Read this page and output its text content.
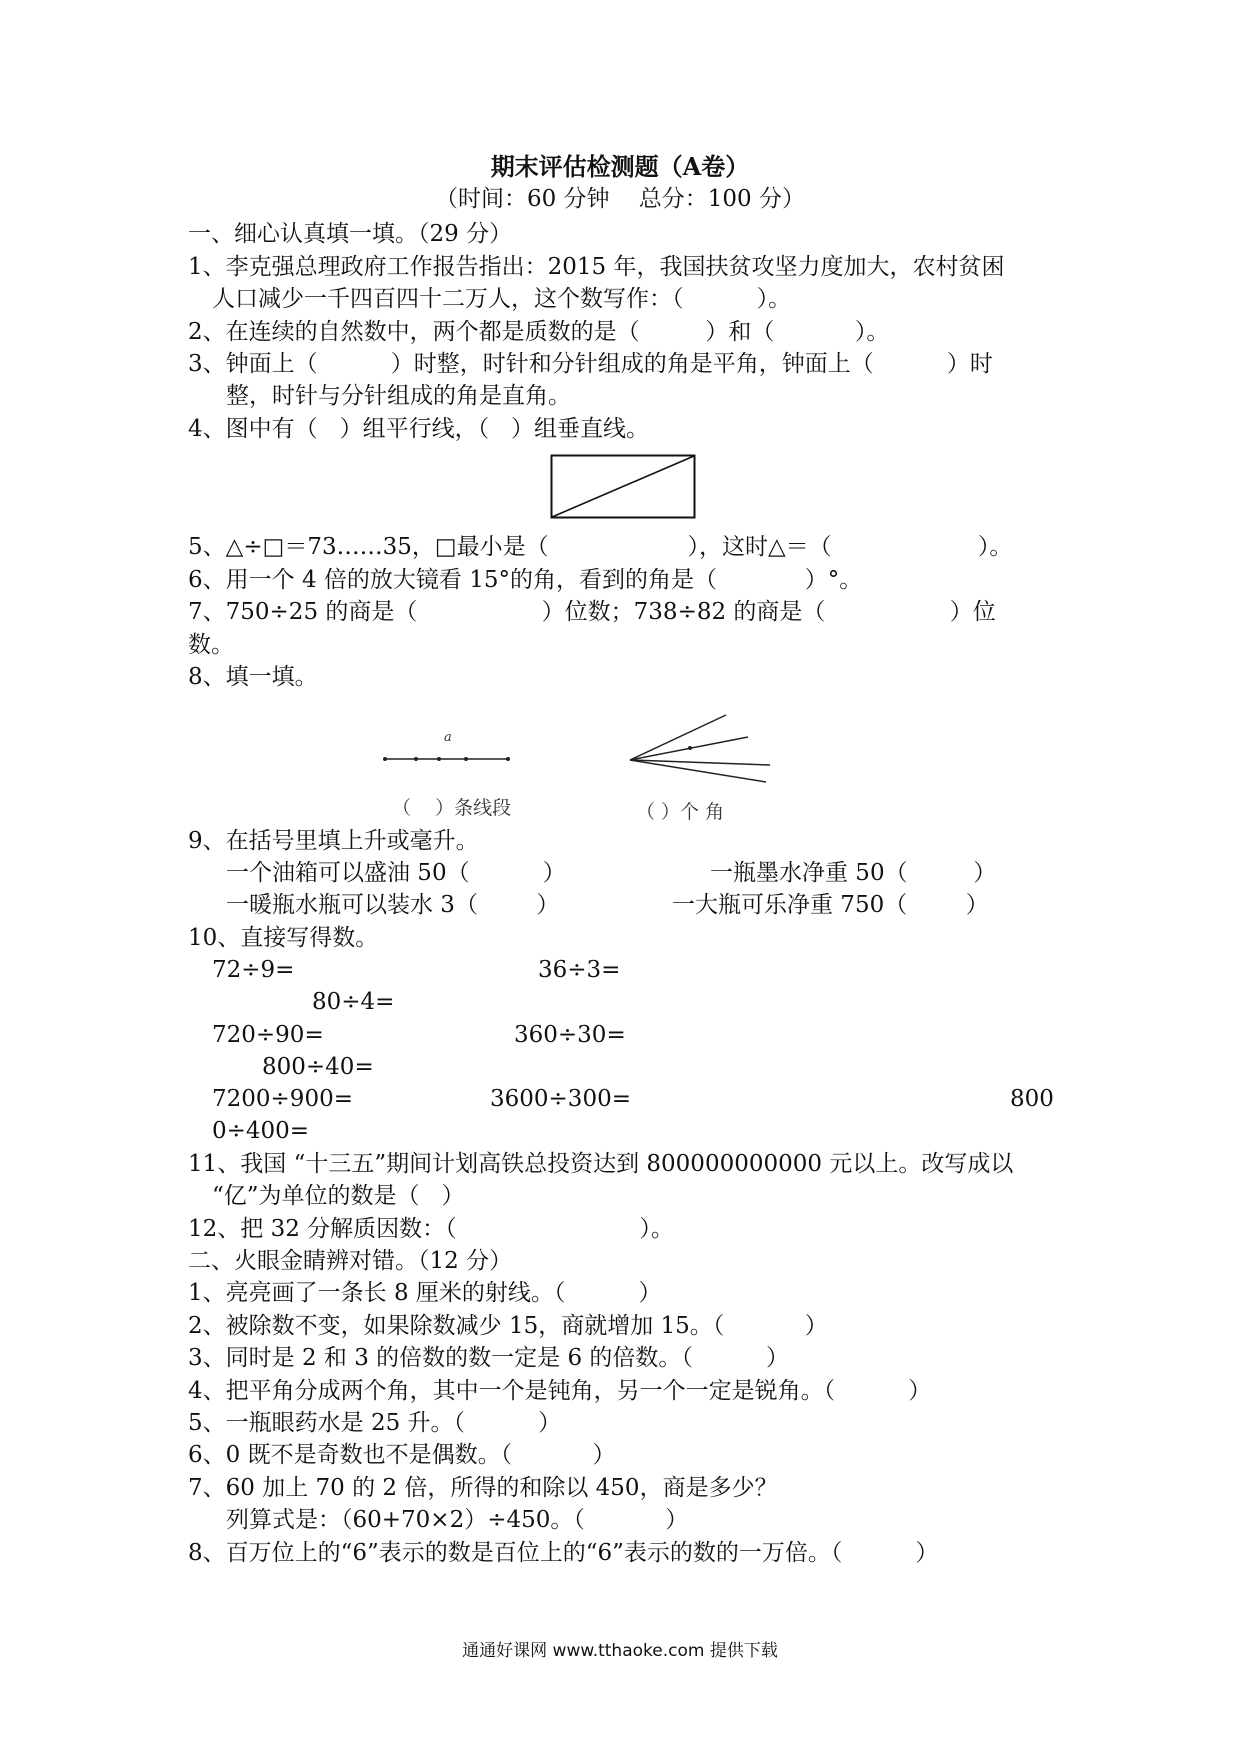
期末评估检测题（A卷）
（时间：60 分钟    总分：100 分）
一、细心认真填一填。（29 分）
1、李克强总理政府工作报告指出：2015 年，我国扶贫攻坚力度加大，农村贫困
人口减少一千四百四十二万人，这个数写作：（          ）。
2、在连续的自然数中，两个都是质数的是（         ）和（           ）。
3、钟面上（          ）时整，时针和分针组成的角是平角，钟面上（          ）时
整，时针与分针组成的角是直角。
4、图中有（   ）组平行线，（   ）组垂直线。
5、△÷□＝73……35，□最小是（                   ），这时△＝（                    ）。
6、用一个 4 倍的放大镜看 15°的角，看到的角是（            ）°。
7、750÷25 的商是（                 ）位数；738÷82 的商是（                 ）位
数。
8、填一填。
a
（    ）条线段	（ ）个 角
9、在括号里填上升或毫升。
一个油箱可以盛油 50（          ）	一瓶墨水净重 50（         ）
一暖瓶水瓶可以装水 3（        ）	一大瓶可乐净重 750（        ）
10、直接写得数。
72÷9=	36÷3=
80÷4=
720÷90=	360÷30=
800÷40=
7200÷900=	3600÷300=	800
0÷400=
11、我国 “十三五”期间计划高铁总投资达到 800000000000 元以上。改写成以
“亿”为单位的数是（   ）
12、把 32 分解质因数：（                         ）。
二、火眼金睛辨对错。（12 分）
1、亮亮画了一条长 8 厘米的射线。（          ）
2、被除数不变，如果除数减少 15，商就增加 15。（           ）
3、同时是 2 和 3 的倍数的数一定是 6 的倍数。（          ）
4、把平角分成两个角，其中一个是钝角，另一个一定是锐角。（          ）
5、一瓶眼药水是 25 升。（          ）
6、0 既不是奇数也不是偶数。（           ）
7、60 加上 70 的 2 倍，所得的和除以 450，商是多少？
列算式是：（60+70×2）÷450。（           ）
8、百万位上的“6”表示的数是百位上的“6”表示的数的一万倍。（          ）
通通好课网 www.tthaoke.com 提供下载
